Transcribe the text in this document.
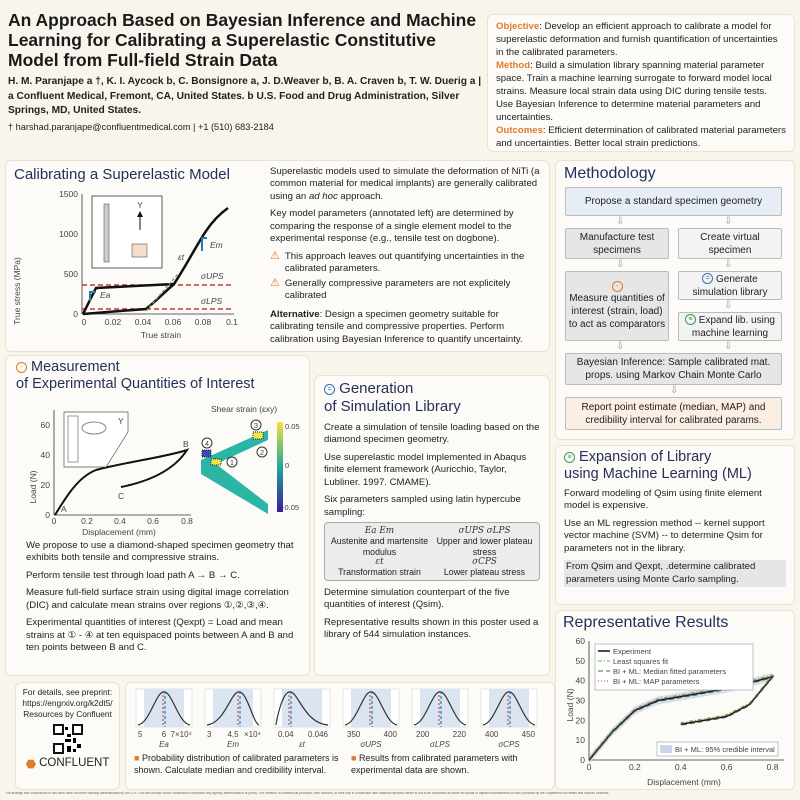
An Approach Based on Bayesian Inference and Machine Learning for Calibrating a Superelastic Constitutive Model from Full-field Strain Data
H. M. Paranjape a †, K. I. Aycock b, C. Bonsignore a, J. D.Weaver b, B. A. Craven b, T. W. Duerig a | a Confluent Medical, Fremont, CA, United States. b U.S. Food and Drug Administration, Silver Springs, MD, United States.
† harshad.paranjape@confluentmedical.com | +1 (510) 683-2184
Objective: Develop an efficient approach to calibrate a model for superelastic deformation and furnish quantification of uncertainties in the calibrated parameters.
Method: Build a simulation library spanning material parameter space. Train a machine learning surrogate to forward model local strains. Measure local strain data using DIC during tensile tests. Use Bayesian Inference to determine material parameters and uncertainties.
Outcomes: Efficient determination of calibrated material parameters and uncertainties. Better local strain predictions.
Calibrating a Superelastic Model
True stress (MPa)
True strain
0
500
1000
1500
0 0.02 0.04 0.06 0.08 0.1
Ea
Em
εt
σUPS
σLPS
Y

Superelastic models used to simulate the deformation of NiTi (a common material for medical implants) are generally calibrated using an ad hoc approach.

Key model parameters (annotated left) are determined by comparing the response of a single element model to the experimental response (e.g., tensile test on dogbone).

⚠ This approach leaves out quantifying uncertainties in the calibrated parameters.
⚠ Generally compressive parameters are not explicitely calibrated

Alternative: Design a specimen geometry suitable for calibrating tensile and compressive properties. Perform calibration using Bayesian Inference to quantify uncertainty.

- Measurement
of Experimental Quantities of Interest
Load (N)
Displacement (mm)
0
20
40
60
0	0.2 0.4 0.6	0.8
A
B
C
Y
Shear strain (εxy)
3
2
1
4
0.05
0
-0.05

We propose to use a diamond-shaped specimen geometry that exhibits both tensile and compressive strains.

Perform tensile test through load path A → B → C.

Measure full-field surface strain using digital image correlation (DIC) and calculate mean strains over regions ①,②,③,④.

Experimental quantities of interest (Qexpt) = Load and mean strains at ① - ④ at ten equispaced points between A and B and ten points between B and C.

= Generation
of Simulation Library

Create a simulation of tensile loading based on the diamond specimen geometry.

Use superelastic model implemented in Abaqus finite element framework (Auricchio, Taylor, Lubliner. 1997. CMAME).

Six parameters sampled using latin hypercube sampling:

Ea Em
Austenite and martensite modulus
σUPS σLPS
Upper and lower plateau stress
εt
Transformation strain
σCPS
Lower plateau stress

Determine simulation counterpart of the five quantities of interest (Qsim).

Representative results shown in this poster used a library of 544 simulation instances.

Methodology
Propose a standard specimen geometry
⇩	⇩
Manufacture test specimens
Create virtual specimen
⇩	⇩
-
Measure quantities of interest (strain, load) to act as comparators
= Generate simulation library
⇩
≡ Expand lib. using machine learning
⇩	⇩
Bayesian Inference: Sample calibrated mat. props. using Markov Chain Monte Carlo
⇩
Report point estimate (median, MAP) and credibility interval for calibrated params.
≡ Expansion of Library
using Machine Learning (ML)

Forward modeling of Qsim using finite element model is expensive.

Use an ML regression method -- kernel support vector machine (SVM) -- to determine Qsim for parameters not in the library.

From Qsim and Qexpt, .determine calibrated parameters using Monte Carlo sampling.

Representative Results
Load (N)
Displacement (mm)
0	0.2	0.4	0.6	0.8
0
10
20
30
40
50
60
Experiment
Least squares fit
BI + ML: Median fitted parameters
BI + ML: MAP parameters
BI + ML: 95% credible interval
For details, see preprint:
https://engrxiv.org/k2dt5/
Resources by Confluent
⬣ CONFLUENT
5 6 7×10⁴
Ea
3 4.5 ×10⁴
Em
0.04 0.046
εt
350	400
σUPS
200	220
σLPS
400	450
σCPS
■ Probability distribution of calibrated parameters is shown. Calculate median and credibility interval.
■ Results from calibrated parameters with experimental data are shown.
The findings and conclusions in this work have not been formally disseminated by the U.S. FDA and should not be construed to represent any agency determination or policy. The mention of commercial products, their sources, or their use in connection with material reported herein is not to be construed as either an actual or implied endorsement of such products by the Department of Health and Human Services.
